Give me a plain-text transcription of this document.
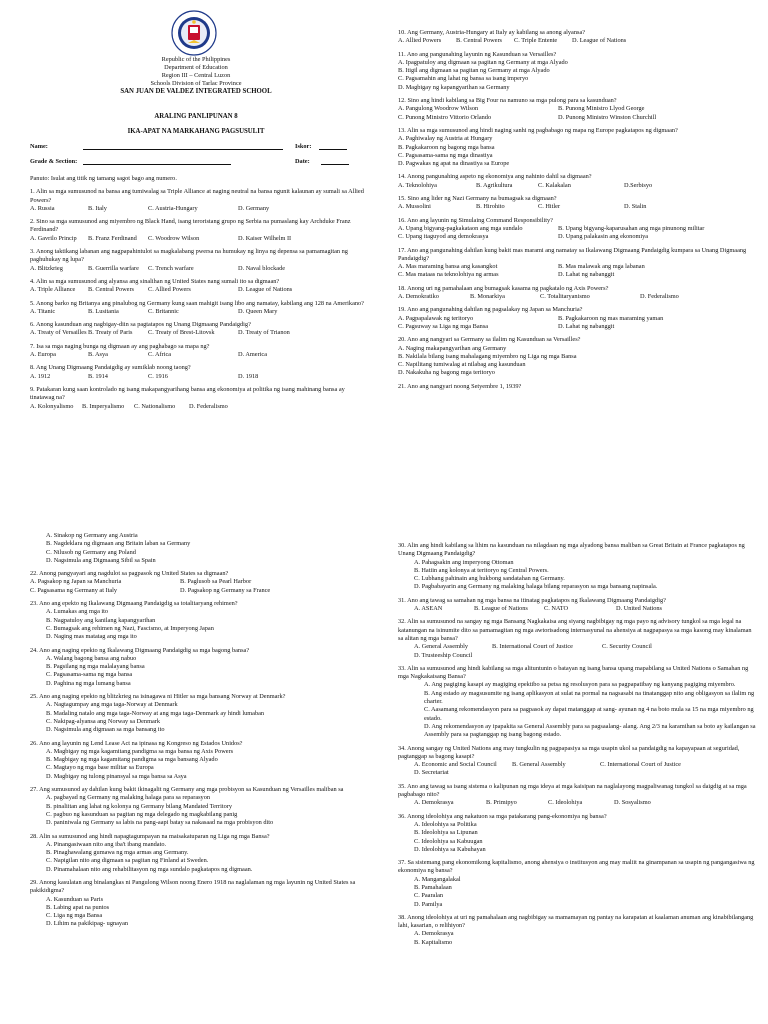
Republic of the Philippines
Department of Education
Region III – Central Luzon
Schools Division of Tarlac Province
SAN JUAN DE VALDEZ INTEGRATED SCHOOL
ARALING PANLIPUNAN 8
IKA-APAT NA MARKAHANG PAGSUSULIT
Name:	Iskor:
Grade & Section:	Date:

Panuto: Isulat ang titik ng tamang sagot bago ang numero.

1. Alin sa mga sumusunod na bansa ang tumiwalag sa Triple Alliance at naging neutral na bansa ngunit kalaunan ay sumali sa Allied Powers?

A. Russia	B. Italy	C. Austria-Hungary	D. Germany

2. Sino sa mga sumusunod ang miyembro ng Black Hand, isang teroristang grupo ng Serbia na pumaslang kay Archduke Franz Ferdinand?

A. Gavrilo Princip B. Franz Ferdinand C. Woodrow Wilson	D. Kaiser Wilhelm II

3. Anong taktikang labanan ang nagpapahintulot sa magkalabang pwersa na humukay ng linya ng depensa sa pamamagitan ng paghuhukay ng lupa?

A. Blitzkrieg	B. Guerrilla warfare C. Trench warfare	D. Naval blockade

4. Alin sa mga sumusunod ang alyansa ang sinalihan ng United States nang sumali ito sa digmaan?

A. Triple Alliance B. Central Powers C. Allied Powers	D. League of Nations

5. Anong barko ng Britanya ang pinalubog ng Germany kung saan mahigit isang libo ang namatay, kabilang ang 128 na Amerikano?

A. Titanic	B. Lusitania	C. Britannic	D. Queen Mary

6. Anong kasunduan ang nagbigay-diin sa pagtatapos ng Unang Digmaang Pandaigdig?

A. Treaty of VersaillesB. Treaty of Paris C. Treaty of Brest-Litovsk	D. Treaty of Trianon

7. Isa sa mga naging bunga ng digmaan ay ang paghabago sa mapa ng?

A. Europa	B. Asya	C. Africa	D. America

8. Ang Unang Digmaang Pandaigdig ay sumiklab noong taong?

A. 1912	B. 1914	C. 1916	D. 1918

9. Patakaran kung saan kontrolado ng isang makapangyarihang bansa ang ekonomiya at politika ng isang mahinang bansa ay tinatawag na?

A. Kolonyalismo B. Imperyalismo C. Nationalismo D. Federalismo

10. Ang Germany, Austria-Hungary at Italy ay kabilang sa anong alyansa?

A. Allied Powers B. Central Powers C. Triple Entente D. League of Nations

11. Ano ang pangunahing layunin ng Kasunduan sa Versailles?

A. Ipagpatuloy ang digmaan sa pagitan ng Germany at mga Alyado
B. Itigil ang digmaan sa pagitan ng Germany at mga Alyado
C. Pagsamahin ang lahat ng bansa sa isang imperyo
D. Magbigay ng kapangyarihan sa Germany

12. Sino ang hindi kabilang sa Big Four na namuno sa mga pulong para sa kasunduan?

A. Pangulong Woodrow Wilson	B. Punong Ministro Llyod George
C. Punong Ministro Vittorio Orlando	D. Punong Ministro Winston Churchill

13. Alin sa mga sumusunod ang hindi naging sanhi ng pagbabago ng mapa ng Europe pagkatapos ng digmaan?

A. Paghiwalay ng Austria at Hungary
B. Pagkakaroon ng bagong mga bansa
C. Pagsasama-sama ng mga dinastiya
D. Pagwakas ng apat na dinastiya sa Europe

14. Anong pangunahing aspeto ng ekonomiya ang nahinto dahil sa digmaan?

A. Teknolohiya	B. Agrikultura	C. Kalakalan	D.Serbisyo

15. Sino ang lider ng Nazi Germany na bumagsak sa digmaan?

A. Mussolini	B. Hirohito	C. Hitler	D. Stalin

16. Ano ang layunin ng Simulaing Command Responsibility?

A. Upang bigyang-pagkakataon ang mga sundalo	B. Upang bigyang-kaparusahan ang mga pinunong militar
C. Upang itaguyod ang demokrasya	D. Upang palakasin ang ekonomiya

17. Ano ang pangunahing dahilan kung bakit mas marami ang namatay sa Ikalawang Digmaang Pandaigdig kumpara sa Unang Digmaang Pandaigdig?

A. Mas maraming bansa ang kasangkot	B. Mas malawak ang mga labanan
C. Mas mataas na teknolohiya ng armas	D. Lahat ng nabanggit

18. Anong uri ng pamahalaan ang bumagsak kasama ng pagkatalo ng Axis Powers?

A. Demokratiko	B. Monarkiya	C. Totalitaryanismo	D. Federalismo

19. Ano ang pangunahing dahilan ng pagsalakay ng Japan sa Manchuria?

A. Pagpapalawak ng teritoryo	B. Pagkakaroon ng mas maraming yaman
C. Pagsuway sa Liga ng mga Bansa	D. Lahat ng nabanggit

20. Ano ang nangyari sa Germany sa ilalim ng Kasunduan sa Versailles?

A. Naging makapangyarihan ang Germany
B. Nakilala bilang isang mahalagang miyembro ng Liga ng mga Bansa
C. Napilitang tumiwalag at nilabag ang kasunduan
D. Nakakuha ng bagong mga teritoryo

21. Ano ang nangyari noong Setyembre 1, 1939?

A. Sinakop ng Germany ang Austria
B. Nagdeklara ng digmaan ang Britain laban sa Germany
C. Nilusob ng Germany ang Poland
D. Nagsimula ang Digmaang Sibil sa Spain

22. Anong pangyayari ang nagdulot sa pagpasok ng United States sa digmaan?

A. Pagsakop ng Japan sa Manchuria	B. Paglusob sa Pearl Harbor
C. Pagsasama ng Germany at Italy	D. Pagsakop ng Germany sa France

23. Ano ang epekto ng Ikalawang Digmaang Pandaigdig sa totalitaryang rehimen?

A. Lumakas ang mga ito
B. Nagpatuloy ang kanilang kapangyarihan
C. Bumagsak ang rehimen ng Nazi, Fascismo, at Imperyong Japan
D. Naging mas matatag ang mga ito

24. Ano ang naging epekto ng Ikalawang Digmaang Pandaigdig sa mga bagong bansa?

A. Walang bagong bansa ang nabuo
B. Pagsilang ng mga malalayang bansa
C. Pagsasama-sama ng mga bansa
D. Paghina ng mga lumang bansa

25. Ano ang naging epekto ng blitzkrieg na isinagawa ni Hitler sa mga bansang Norway at Denmark?

A. Nagtagumpay ang mga taga-Norway at Denmark
B. Madaling natalo ang mga taga-Norway at ang mga taga-Denmark ay hindi lumaban
C. Nakipag-alyansa ang Norway sa Denmark
D. Nagsimula ang digmaan sa mga bansang ito

26. Ano ang layunin ng Lend Lease Act na ipinasa ng Kongreso ng Estados Unidos?

A. Magbigay ng mga kagamitang pandigma sa mga bansa ng Axis Powers
B. Magbigay ng mga kagamitang pandigma sa mga bansang Alyado
C. Magtayo ng mga base militar sa Europa
D. Magbigay ng tulong pinansyal sa mga bansa sa Asya

27. Ang sumusunod ay dahilan kung bakit ikinagalit ng Germany ang mga probisyon sa Kasunduan ng Versailles maliban sa

A. pagbayad ng Germany ng malaking halaga para sa reparasyon
B. pinaliitan ang lahat ng kolonya ng Germany bilang Mandated Territory
C. pagbuo ng kasunduan sa pagitan ng mga delegado ng magkabilang panig
D. paniniwala ng Germany sa labis na pang-aapi batay sa nakasaad na mga probisyon dito

28. Alin sa sumusunod ang hindi napagtagumpayan na maisakatuparan ng Liga ng mga Bansa?

A. Pinangasiwaan nito ang iba't ibang mandato.
B. Pinaghawalang gumawa ng mga armas ang Germany.
C. Napigilan nito ang digmaan sa pagitan ng Finland at Sweden.
D. Pinamahalaan nito ang rehabilitasyon ng mga sundalo pagkatapos ng digmaan.

29. Anong kasulatan ang binalangkas ni Pangulong Wilson noong Enero 1918 na naglalaman ng mga layunin ng United States sa pakikidigma?

A. Kasunduan sa Paris
B. Labing apat na puntos
C. Liga ng mga Bansa
D. Lihim na pakikipag- ugnayan

30. Alin ang hindi kabilang sa lihim na kasunduan na nilagdaan ng mga alyadong bansa maliban sa Great Britain at France pagkatapos ng Unang Digmaang Pandaigdig?

A. Pahagsakin ang imperyong Ottoman
B. Hatiin ang kolonya at teritoryo ng Central Powers.
C. Lubhang pahinain ang hukbong sandatahan ng Germany.
D. Pagbabayarin ang Germany ng malaking halaga bilang reparasyon sa mga bansang napinsala.

31. Ano ang tawag sa samahan ng mga bansa na itinatag pagkatapos ng Ikalawang Digmaang Pandaigdig?

A. ASEAN	B. League of Nations	C. NATO	D. United Nations

32. Alin sa sumusunod na sangay ng mga Bansang Nagkakaisa ang siyang nagbibigay ng mga payo ng advisory tungkol sa mga legal na katanungan na isinumite dito sa pamamagitan ng mga awtorisadong internasyunal na ahensiya at nagpapasya sa mga kasong may kinalaman sa alitan ng mga bansa?

A. General Assembly	B. International Court of Justice	C. Security CouncilD. Trusteeship Council

33. Alin sa sumusunod ang hindi kabilang sa mga alituntunin o batayan ng isang bansa upang mapabilang sa United Nations o Samahan ng mga Nagkakaisang Bansa?

A. Ang pagiging kasapi ay magiging epektibo sa petsa ng resolusyon para sa pagpapatibay ng kanyang pagiging miyembro.
B. Ang estado ay magsusumite ng isang aplikasyon at sulat na pormal na nagsasabi na tinatanggap nito ang obligasyon sa ilalim ng charter.
C. Aasamang rekomendasyon para sa pagpasok ay dapat matanggap at sang- ayunan ng 4 na boto mula sa 15 na mga miyembro ng estado.
D. Ang rekomendasyon ay ipapakita sa General Assembly para sa pagsaalang- alang. Ang 2/3 na karamihan sa boto ay kailangan sa Assembly para sa pagtanggap ng isang bagong estado.

34. Anong sangay ng United Nations ang may tungkulin ng pagpapasiya sa mga usapin ukol sa pandaigdig na kapayapaan at seguridad, pagtanggap sa bagong kasapi?

A. Economic and Social Council B. General Assembly	C. International Court of JusticeD. Secretariat

35. Ano ang tawag sa isang sistema o kalipunan ng mga ideya at mga kaisipan na naglalayong magpaliwanag tungkol sa daigdig at sa mga pagbabago nito?

A. Demokrasya	B. Primipyo	C. Ideolohiya	D. Sosyalismo

36. Anong ideolohiya ang nakatuon sa mga patakarang pang-ekonomiya ng bansa?

A. Ideolohiya sa Politika
B. Ideolohiya sa Lipunan
C. Ideolohiya sa Kabuugan
D. Ideolohiya sa Kabuhayan

37. Sa sistemang pang ekonomikong kapitalismo, anong ahensiya o institusyon ang may maliit na ginampanan sa usapin ng pangangasiwa ng ekonomiya ng bansa?

A. Mangangalakal
B. Pamahalaan
C. Paaralan
D. Pamilya

38. Anong ideolohiya at uri ng pamahalaan ang nagbibigay sa mamamayan ng pantay na karapatan at kaalaman anuman ang kinabibilangang lahi, kasarian, o relihiyon?

A. Demokrasya
B. Kapitalismo
